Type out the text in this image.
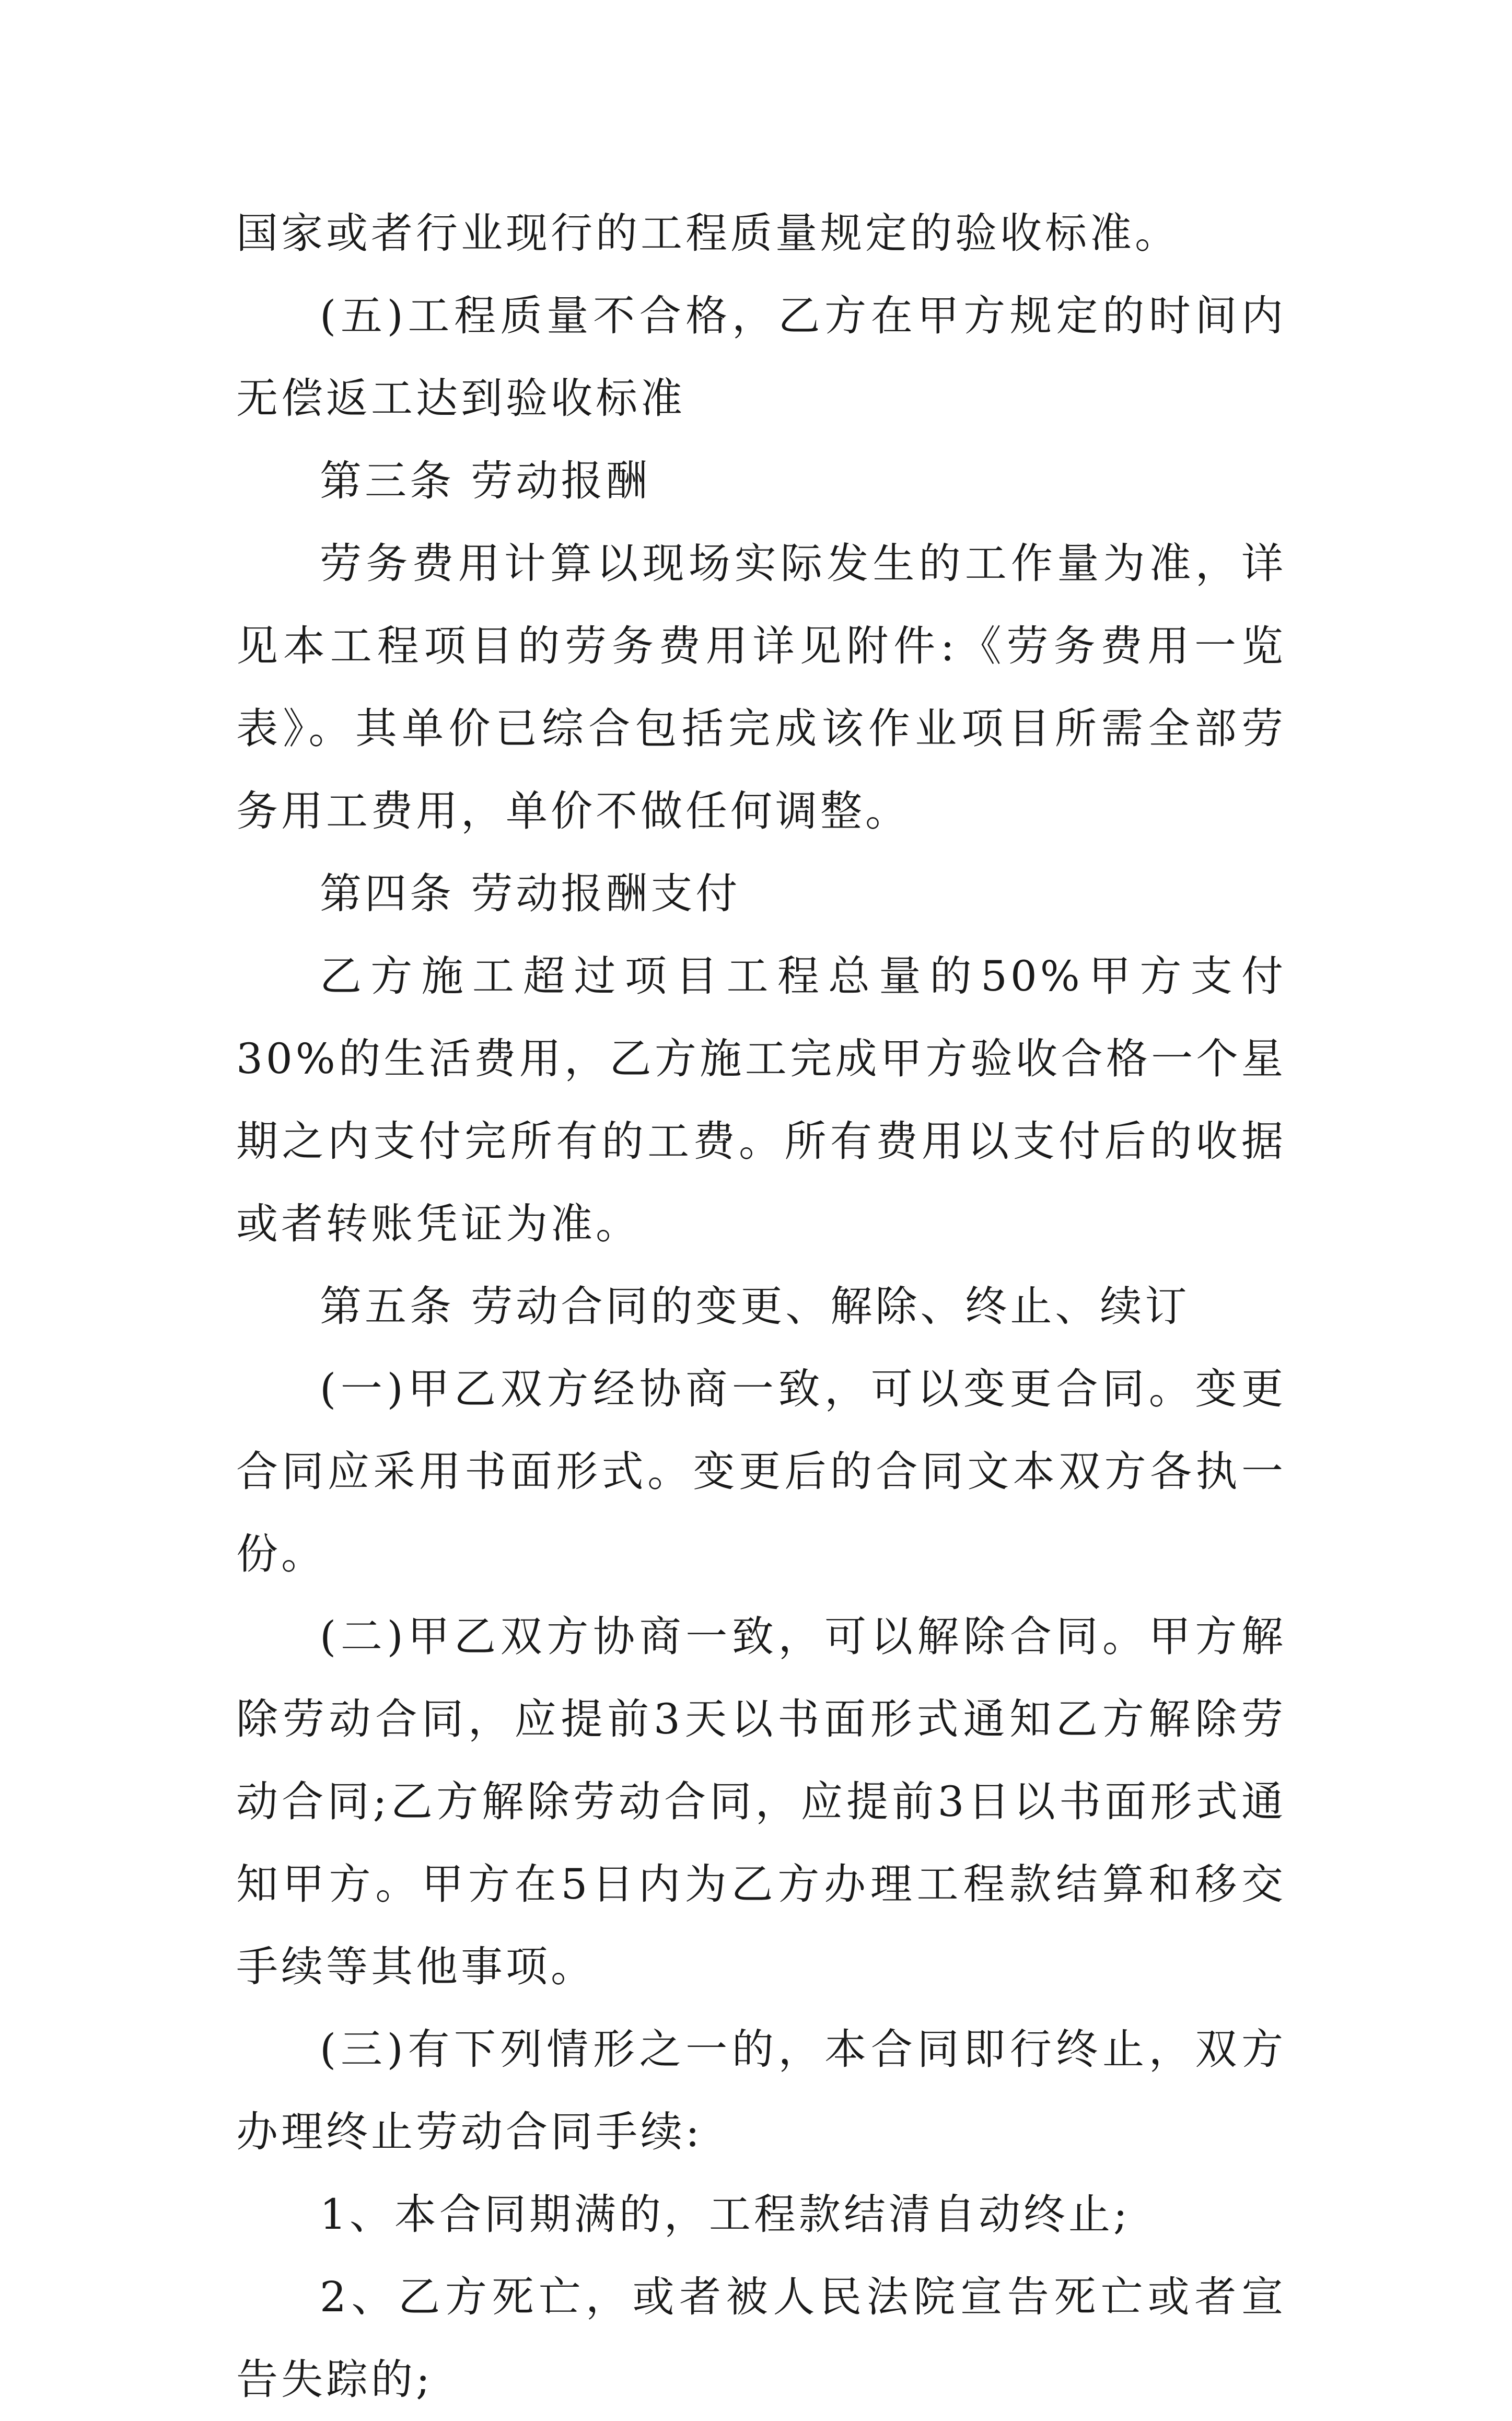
国家或者行业现行的工程质量规定的验收标准。

(五)工程质量不合格，乙方在甲方规定的时间内无偿返工达到验收标准

第三条 劳动报酬

劳务费用计算以现场实际发生的工作量为准，详见本工程项目的劳务费用详见附件:《劳务费用一览表》。其单价已综合包括完成该作业项目所需全部劳务用工费用，单价不做任何调整。

第四条 劳动报酬支付

乙方施工超过项目工程总量的50%甲方支付30%的生活费用，乙方施工完成甲方验收合格一个星期之内支付完所有的工费。所有费用以支付后的收据或者转账凭证为准。

第五条 劳动合同的变更、解除、终止、续订

(一)甲乙双方经协商一致，可以变更合同。变更合同应采用书面形式。变更后的合同文本双方各执一份。

(二)甲乙双方协商一致，可以解除合同。甲方解除劳动合同，应提前3天以书面形式通知乙方解除劳动合同;乙方解除劳动合同，应提前3日以书面形式通知甲方。甲方在5日内为乙方办理工程款结算和移交手续等其他事项。

(三)有下列情形之一的，本合同即行终止，双方办理终止劳动合同手续:

1、本合同期满的，工程款结清自动终止;

2、乙方死亡，或者被人民法院宣告死亡或者宣告失踪的;
